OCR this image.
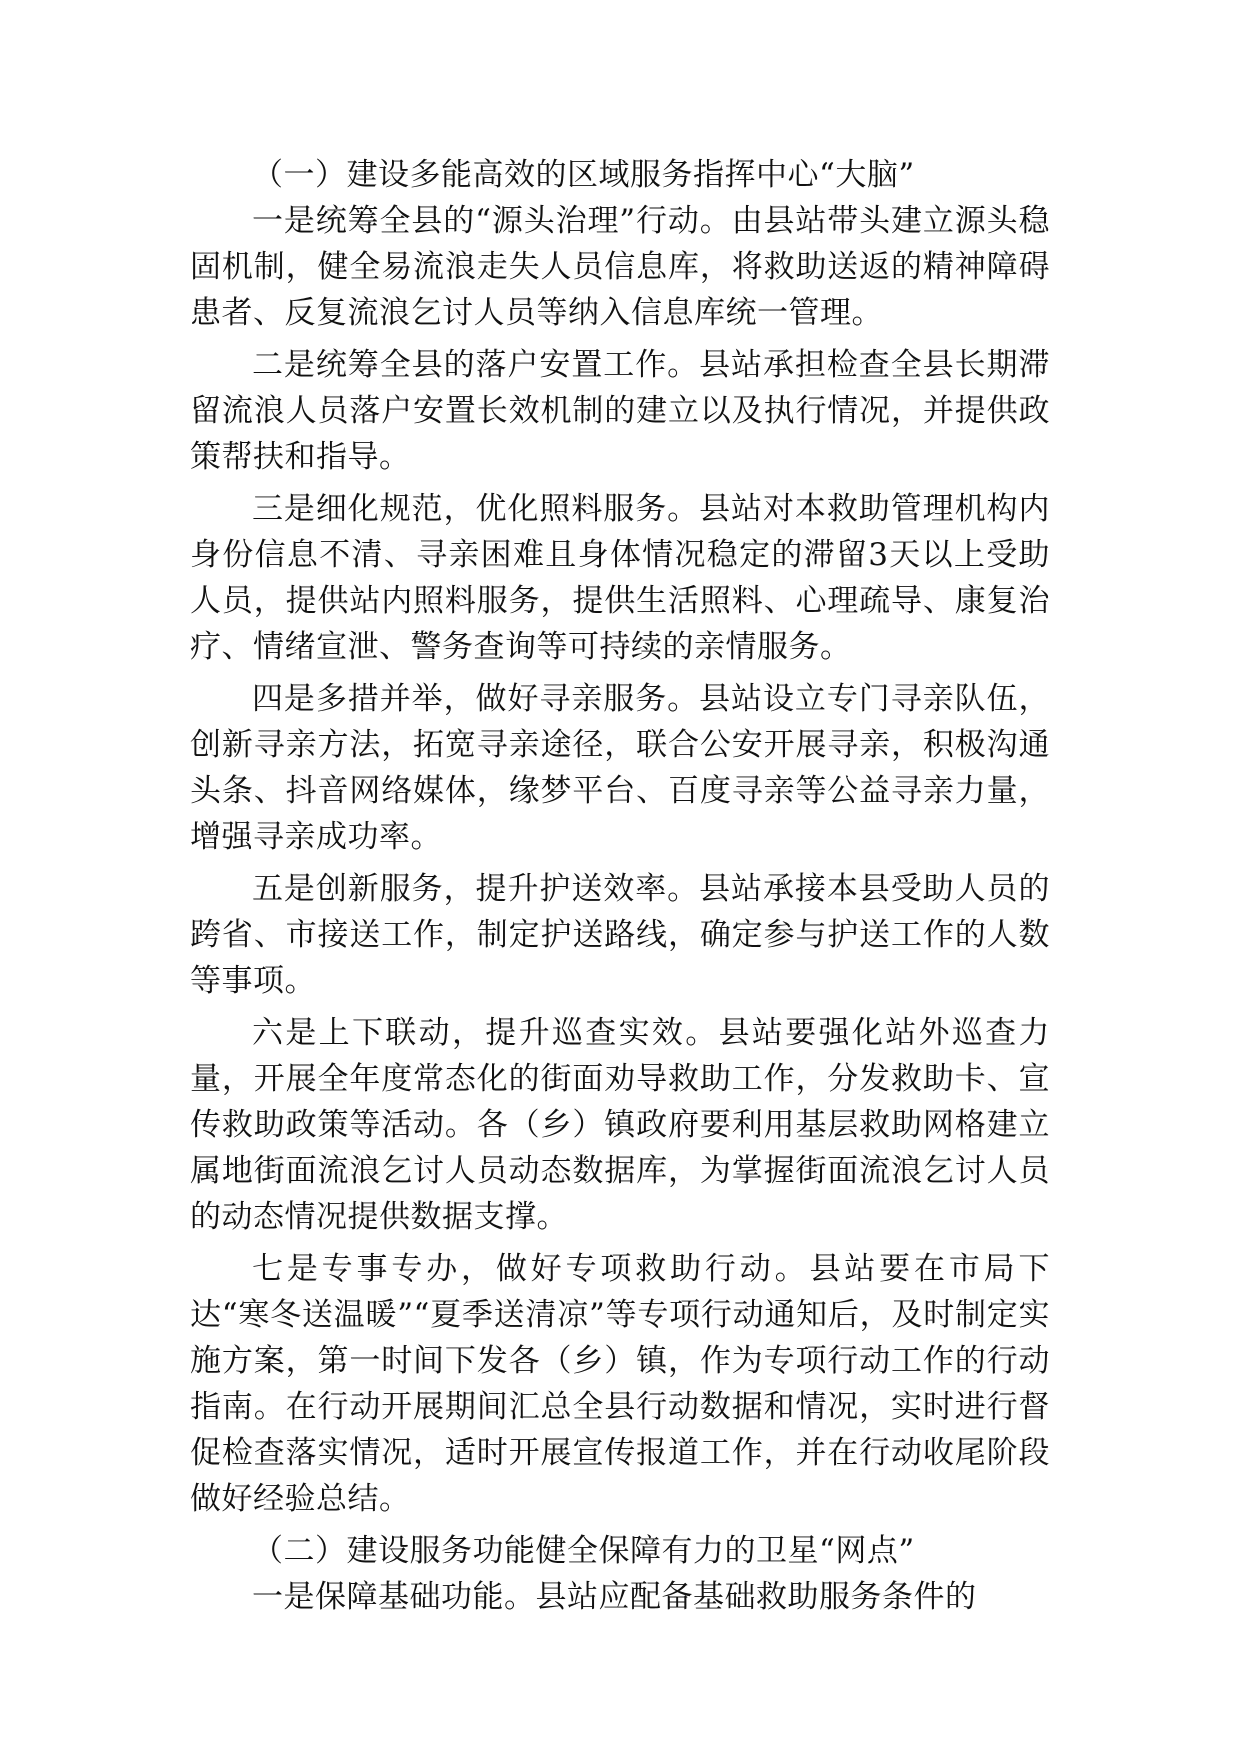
（一）建设多能高效的区域服务指挥中心“大脑”

一是统筹全县的“源头治理”行动。由县站带头建立源头稳固机制，健全易流浪走失人员信息库，将救助送返的精神障碍患者、反复流浪乞讨人员等纳入信息库统一管理。

二是统筹全县的落户安置工作。县站承担检查全县长期滞留流浪人员落户安置长效机制的建立以及执行情况，并提供政策帮扶和指导。

三是细化规范，优化照料服务。县站对本救助管理机构内身份信息不清、寻亲困难且身体情况稳定的滞留3天以上受助人员，提供站内照料服务，提供生活照料、心理疏导、康复治疗、情绪宣泄、警务查询等可持续的亲情服务。

四是多措并举，做好寻亲服务。县站设立专门寻亲队伍，创新寻亲方法，拓宽寻亲途径，联合公安开展寻亲，积极沟通头条、抖音网络媒体，缘梦平台、百度寻亲等公益寻亲力量，增强寻亲成功率。

五是创新服务，提升护送效率。县站承接本县受助人员的跨省、市接送工作，制定护送路线，确定参与护送工作的人数等事项。

六是上下联动，提升巡查实效。县站要强化站外巡查力量，开展全年度常态化的街面劝导救助工作，分发救助卡、宣传救助政策等活动。各（乡）镇政府要利用基层救助网格建立属地街面流浪乞讨人员动态数据库，为掌握街面流浪乞讨人员的动态情况提供数据支撑。

七是专事专办，做好专项救助行动。县站要在市局下达“寒冬送温暖”“夏季送清凉”等专项行动通知后，及时制定实施方案，第一时间下发各（乡）镇，作为专项行动工作的行动指南。在行动开展期间汇总全县行动数据和情况，实时进行督促检查落实情况，适时开展宣传报道工作，并在行动收尾阶段做好经验总结。

（二）建设服务功能健全保障有力的卫星“网点”

一是保障基础功能。县站应配备基础救助服务条件的
